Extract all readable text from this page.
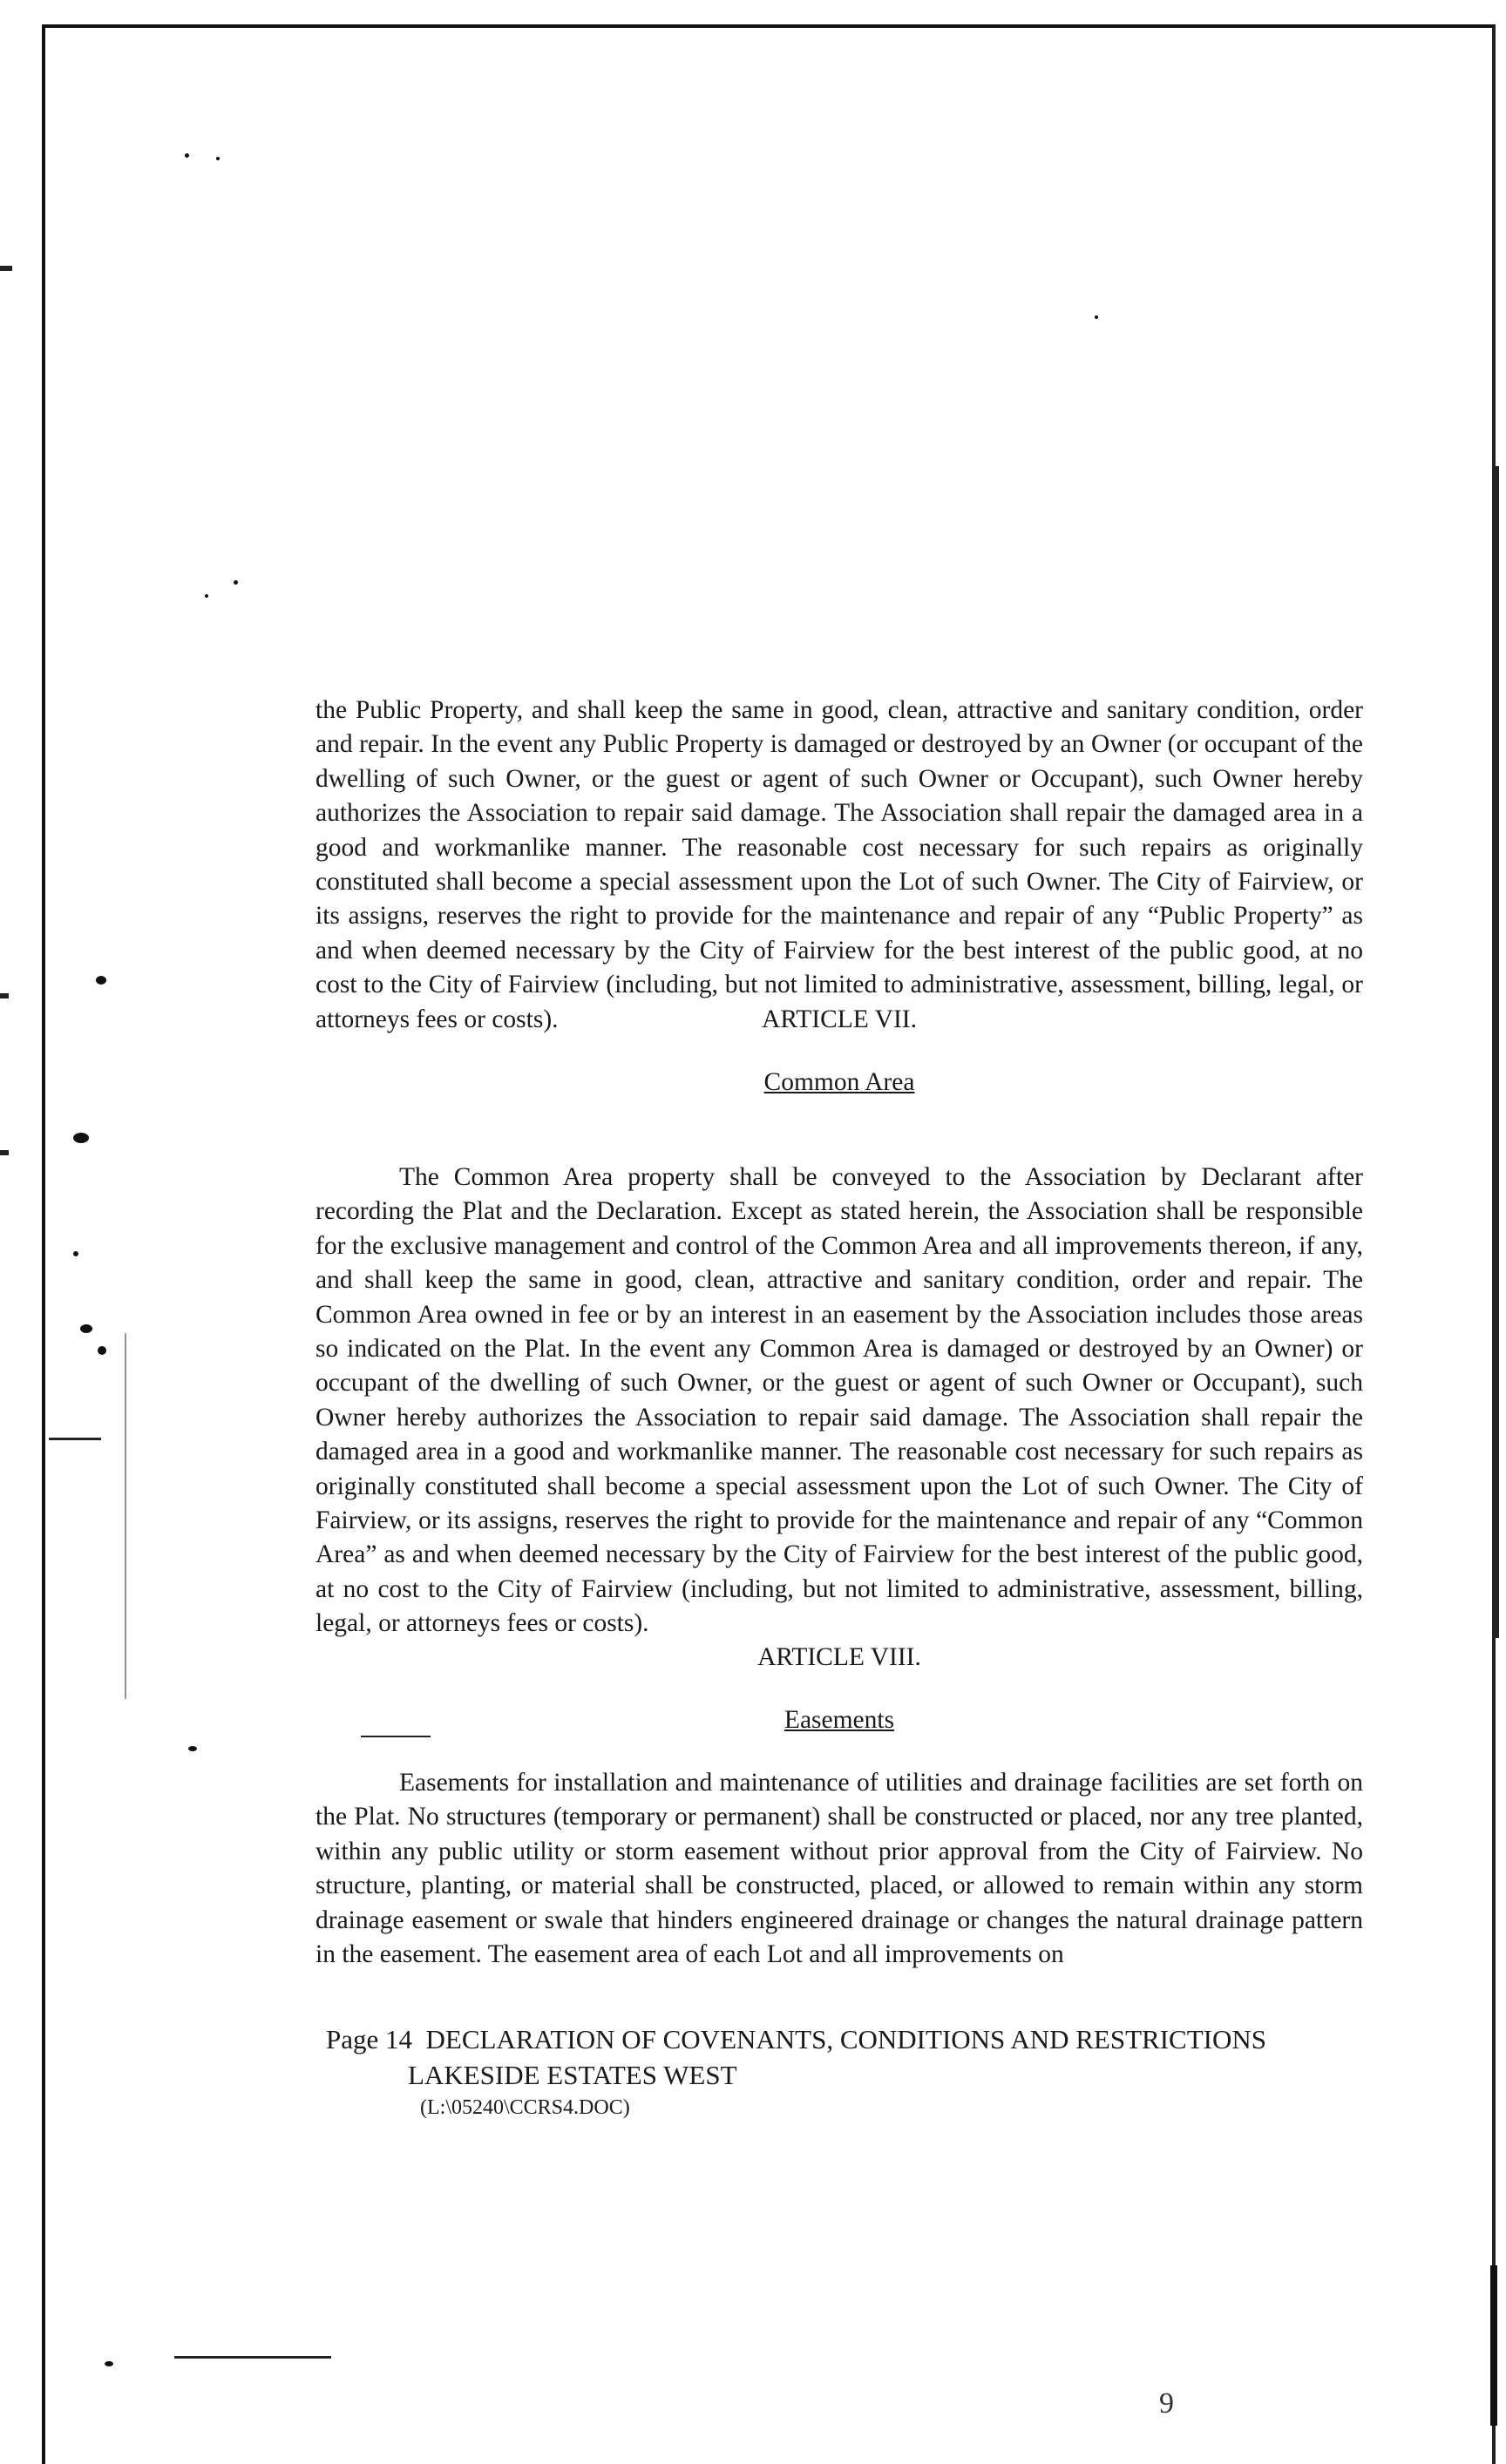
the Public Property, and shall keep the same in good, clean, attractive and sanitary condition, order and repair. In the event any Public Property is damaged or destroyed by an Owner (or occupant of the dwelling of such Owner, or the guest or agent of such Owner or Occupant), such Owner hereby authorizes the Association to repair said damage. The Association shall repair the damaged area in a good and workmanlike manner. The reasonable cost necessary for such repairs as originally constituted shall become a special assessment upon the Lot of such Owner. The City of Fairview, or its assigns, reserves the right to provide for the maintenance and repair of any “Public Property” as and when deemed necessary by the City of Fairview for the best interest of the public good, at no cost to the City of Fairview (including, but not limited to administrative, assessment, billing, legal, or attorneys fees or costs).	ARTICLE VII.
Common Area
The Common Area property shall be conveyed to the Association by Declarant after recording the Plat and the Declaration. Except as stated herein, the Association shall be responsible for the exclusive management and control of the Common Area and all improvements thereon, if any, and shall keep the same in good, clean, attractive and sanitary condition, order and repair. The Common Area owned in fee or by an interest in an easement by the Association includes those areas so indicated on the Plat. In the event any Common Area is damaged or destroyed by an Owner) or occupant of the dwelling of such Owner, or the guest or agent of such Owner or Occupant), such Owner hereby authorizes the Association to repair said damage. The Association shall repair the damaged area in a good and workmanlike manner. The reasonable cost necessary for such repairs as originally constituted shall become a special assessment upon the Lot of such Owner. The City of Fairview, or its assigns, reserves the right to provide for the maintenance and repair of any “Common Area” as and when deemed necessary by the City of Fairview for the best interest of the public good, at no cost to the City of Fairview (including, but not limited to administrative, assessment, billing, legal, or attorneys fees or costs).
ARTICLE VIII.
Easements
Easements for installation and maintenance of utilities and drainage facilities are set forth on the Plat. No structures (temporary or permanent) shall be constructed or placed, nor any tree planted, within any public utility or storm easement without prior approval from the City of Fairview. No structure, planting, or material shall be constructed, placed, or allowed to remain within any storm drainage easement or swale that hinders engineered drainage or changes the natural drainage pattern in the easement. The easement area of each Lot and all improvements on
Page 14  DECLARATION OF COVENANTS, CONDITIONS AND RESTRICTIONS
LAKESIDE ESTATES WEST
(L:\05240\CCRS4.DOC)
9
